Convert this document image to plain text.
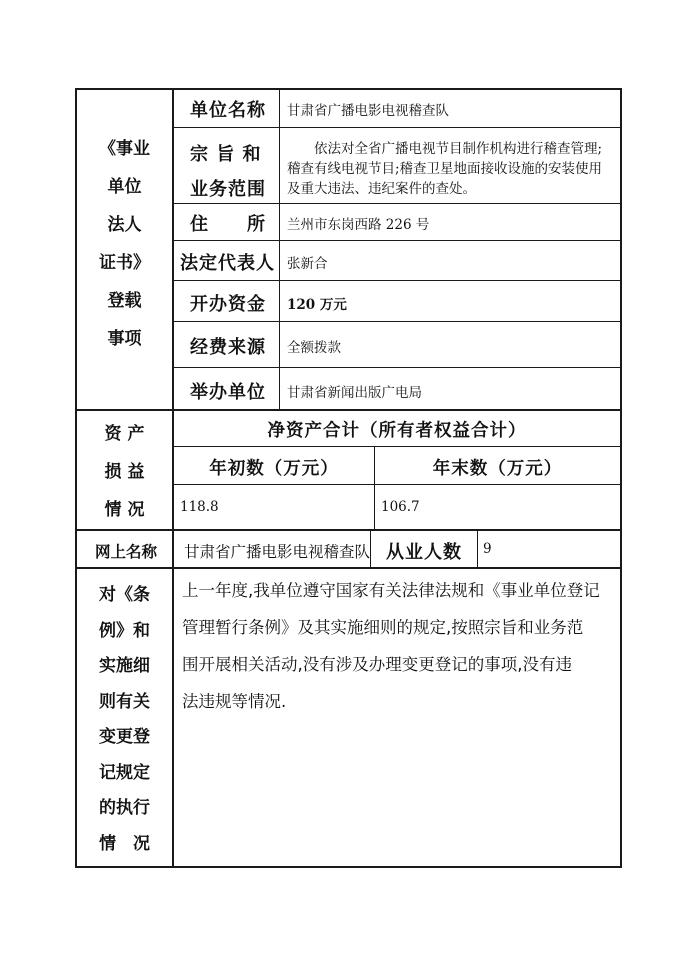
《事业
单位
法人
证书》
登载
事项
单位名称 甘肃省广播电影电视稽查队
宗 旨 和
业务范围
依法对全省广播电视节目制作机构进行稽查管理;
稽查有线电视节目;稽查卫星地面接收设施的安装使用
及重大违法、违纪案件的查处。
住　　所 兰州市东岗西路 226 号
法定代表人 张新合
开办资金 120 万元
经费来源 全额拨款
举办单位 甘肃省新闻出版广电局
资 产
损 益
情 况
净资产合计（所有者权益合计）
年初数（万元）	年末数（万元）
118.8	106.7
网上名称 甘肃省广播电影电视稽查队 从业人数 9
对《条
例》和
实施细
则有关
变更登
记规定
的执行
情　况
上一年度,我单位遵守国家有关法律法规和《事业单位登记
管理暂行条例》及其实施细则的规定,按照宗旨和业务范
围开展相关活动,没有涉及办理变更登记的事项,没有违
法违规等情况.
